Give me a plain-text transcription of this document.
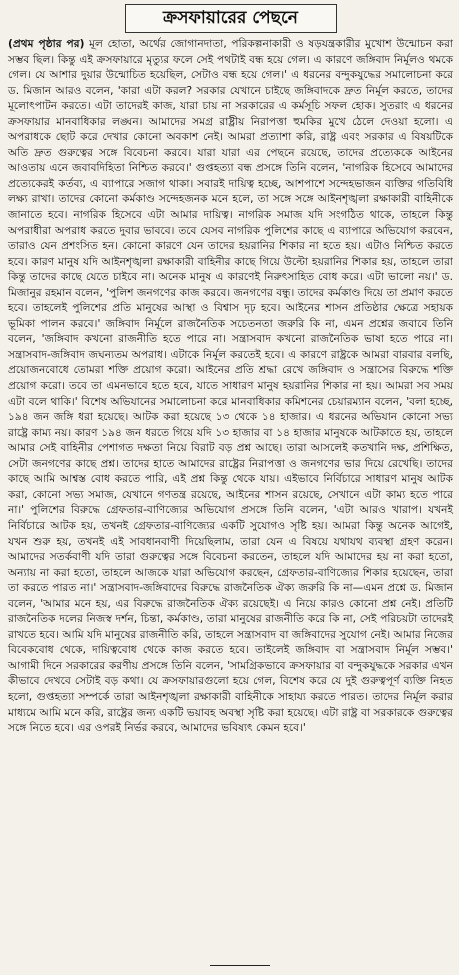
ক্রসফায়ারের পেছনে

(প্রথম পৃষ্ঠার পর) মূল হোতা, অর্থের জোগানদাতা, পরিকল্পনাকারী ও ষড়যন্ত্রকারীর মুখোশ উন্মোচন করা সম্ভব ছিল। কিন্তু এই ক্রসফায়ারে মৃত্যুর ফলে সেই পথটাই বন্ধ হয়ে গেল। এ কারণে জঙ্গিবাদ নির্মূলও থমকে গেল। যে আশার দুয়ার উন্মোচিত হয়েছিল, সেটাও বন্ধ হয়ে গেল।' এ ধরনের বন্দুকযুদ্ধের সমালোচনা করে ড. মিজান আরও বলেন, 'কারা এটা করল? সরকার যেখানে চাইছে জঙ্গিবাদকে দ্রুত নির্মূল করতে, তাদের মূলোৎপাটন করতে। এটা তাদেরই কাজ, যারা চায় না সরকারের এ কর্মসূচি সফল হোক। সুতরাং এ ধরনের ক্রসফায়ার মানবাধিকার লঙ্ঘন। আমাদের সমগ্র রাষ্ট্রীয় নিরাপত্তা হুমকির মুখে ঠেলে দেওয়া হলো। এ অপরাধকে ছোট করে দেখার কোনো অবকাশ নেই। আমরা প্রত্যাশা করি, রাষ্ট্র এবং সরকার এ বিষয়টিকে অতি দ্রুত গুরুত্বের সঙ্গে বিবেচনা করবে। যারা যারা এর পেছনে রয়েছে, তাদের প্রত্যেককে আইনের আওতায় এনে জবাবদিহিতা নিশ্চিত করবে।' গুপ্তহত্যা বন্ধ প্রসঙ্গে তিনি বলেন, 'নাগরিক হিসেবে আমাদের প্রত্যেকেরই কর্তব্য, এ ব্যাপারে সজাগ থাকা। সবারই দায়িত্ব হচ্ছে, আশপাশে সন্দেহভাজন ব্যক্তির গতিবিধি লক্ষ্য রাখা। তাদের কোনো কর্মকাণ্ড সন্দেহজনক মনে হলে, তা সঙ্গে সঙ্গে আইনশৃঙ্খলা রক্ষাকারী বাহিনীকে জানাতে হবে। নাগরিক হিসেবে এটা আমার দায়িত্ব। নাগরিক সমাজ যদি সংগঠিত থাকে, তাহলে কিন্তু অপরাধীরা অপরাধ করতে দুবার ভাববে। তবে যেসব নাগরিক পুলিশের কাছে এ ব্যাপারে অভিযোগ করবেন, তারাও যেন প্রশংসিত হন। কোনো কারণে যেন তাদের হয়রানির শিকার না হতে হয়। এটাও নিশ্চিত করতে হবে। কারণ মানুষ যদি আইনশৃঙ্খলা রক্ষাকারী বাহিনীর কাছে গিয়ে উল্টো হয়রানির শিকার হয়, তাহলে তারা কিন্তু তাদের কাছে যেতে চাইবে না। অনেক মানুষ এ কারণেই নিরুৎসাহিত বোধ করে। এটা ভালো নয়।' ড. মিজানুর রহমান বলেন, 'পুলিশ জনগণের কাজ করবে। জনগণের বন্ধু। তাদের কর্মকাণ্ড দিয়ে তা প্রমাণ করতে হবে। তাহলেই পুলিশের প্রতি মানুষের আস্থা ও বিশ্বাস দৃঢ় হবে। আইনের শাসন প্রতিষ্ঠার ক্ষেত্রে সহায়ক ভূমিকা পালন করবে।' জঙ্গিবাদ নির্মূলে রাজনৈতিক সচেতনতা জরুরি কি না, এমন প্রশ্নের জবাবে তিনি বলেন, 'জঙ্গিবাদ কখনো রাজনীতি হতে পারে না। সন্ত্রাসবাদ কখনো রাজনৈতিক ভাষা হতে পারে না। সন্ত্রাসবাদ-জঙ্গিবাদ জঘন্যতম অপরাধ। এটাকে নির্মূল করতেই হবে। এ কারণে রাষ্ট্রকে আমরা বারবার বলছি, প্রয়োজনবোধে তোমরা শক্তি প্রয়োগ করো। আইনের প্রতি শ্রদ্ধা রেখে জঙ্গিবাদ ও সন্ত্রাসের বিরুদ্ধে শক্তি প্রয়োগ করো। তবে তা এমনভাবে হতে হবে, যাতে সাধারণ মানুষ হয়রানির শিকার না হয়। আমরা সব সময় এটা বলে থাকি।' বিশেষ অভিযানের সমালোচনা করে মানবাধিকার কমিশনের চেয়ারম্যান বলেন, 'বলা হচ্ছে, ১৯৪ জন জঙ্গি ধরা হয়েছে। আটক করা হয়েছে ১৩ থেকে ১৪ হাজার। এ ধরনের অভিযান কোনো সভ্য রাষ্ট্রে কাম্য নয়। কারণ ১৯৪ জন ধরতে গিয়ে যদি ১৩ হাজার বা ১৪ হাজার মানুষকে আটকাতে হয়, তাহলে আমার সেই বাহিনীর পেশাগত দক্ষতা নিয়ে বিরাট বড় প্রশ্ন আছে। তারা আসলেই কতখানি দক্ষ, প্রশিক্ষিত, সেটা জনগণের কাছে প্রশ্ন। তাদের হাতে আমাদের রাষ্ট্রের নিরাপত্তা ও জনগণের ভার দিয়ে রেখেছি। তাদের কাছে আমি আশ্বস্ত বোধ করতে পারি, এই প্রশ্ন কিন্তু থেকে যায়। এইভাবে নির্বিচারে সাধারণ মানুষ আটক করা, কোনো সভ্য সমাজ, যেখানে গণতন্ত্র রয়েছে, আইনের শাসন রয়েছে, সেখানে এটা কাম্য হতে পারে না।' পুলিশের বিরুদ্ধে গ্রেফতার-বাণিজ্যের অভিযোগ প্রসঙ্গে তিনি বলেন, 'এটা আরও খারাপ। যখনই নির্বিচারে আটক হয়, তখনই গ্রেফতার-বাণিজ্যের একটি সুযোগও সৃষ্টি হয়। আমরা কিন্তু অনেক আগেই, যখন শুরু হয়, তখনই এই সাবধানবাণী দিয়েছিলাম, তারা যেন এ বিষয়ে যথাযথ ব্যবস্থা গ্রহণ করেন। আমাদের সতর্কবাণী যদি তারা গুরুত্বের সঙ্গে বিবেচনা করতেন, তাহলে যদি আমাদের হয় না করা হতো, অন্যায় না করা হতো, তাহলে আজকে যারা অভিযোগ করছেন, গ্রেফতার-বাণিজ্যের শিকার হয়েছেন, তারা তা করতে পারত না।' সন্ত্রাসবাদ-জঙ্গিবাদের বিরুদ্ধে রাজনৈতিক ঐক্য জরুরি কি না—এমন প্রশ্নে ড. মিজান বলেন, 'আমার মনে হয়, এর বিরুদ্ধে রাজনৈতিক ঐক্য রয়েছেই। এ নিয়ে কারও কোনো প্রশ্ন নেই। প্রতিটি রাজনৈতিক দলের নিজস্ব দর্শন, চিন্তা, কর্মকাণ্ড, তারা মানুষের রাজনীতি করে কি না, সেই পরিচয়টা তাদেরই রাখতে হবে। আমি যদি মানুষের রাজনীতি করি, তাহলে সন্ত্রাসবাদ বা জঙ্গিবাদের সুযোগ নেই। আমার নিজের বিবেকবোধ থেকে, দায়িত্ববোধ থেকে কাজ করতে হবে। তাইলেই জঙ্গিবাদ বা সন্ত্রাসবাদ নির্মূল সম্ভব।' আগামী দিনে সরকারের করণীয় প্রসঙ্গে তিনি বলেন, 'সামগ্রিকভাবে ক্রসফায়ার বা বন্দুকযুদ্ধকে সরকার এখন কীভাবে দেখবে সেটাই বড় কথা। যে ক্রসফায়ারগুলো হয়ে গেল, বিশেষ করে যে দুই গুরুত্বপূর্ণ ব্যক্তি নিহত হলো, গুপ্তহত্যা সম্পর্কে তারা আইনশৃঙ্খলা রক্ষাকারী বাহিনীকে সাহায্য করতে পারত। তাদের নির্মূল করার মাধ্যমে আমি মনে করি, রাষ্ট্রের জন্য একটি ভয়াবহ অবস্থা সৃষ্টি করা হয়েছে। এটা রাষ্ট্র বা সরকারকে গুরুত্বের সঙ্গে নিতে হবে। এর ওপরই নির্ভর করবে, আমাদের ভবিষ্যৎ কেমন হবে।'
